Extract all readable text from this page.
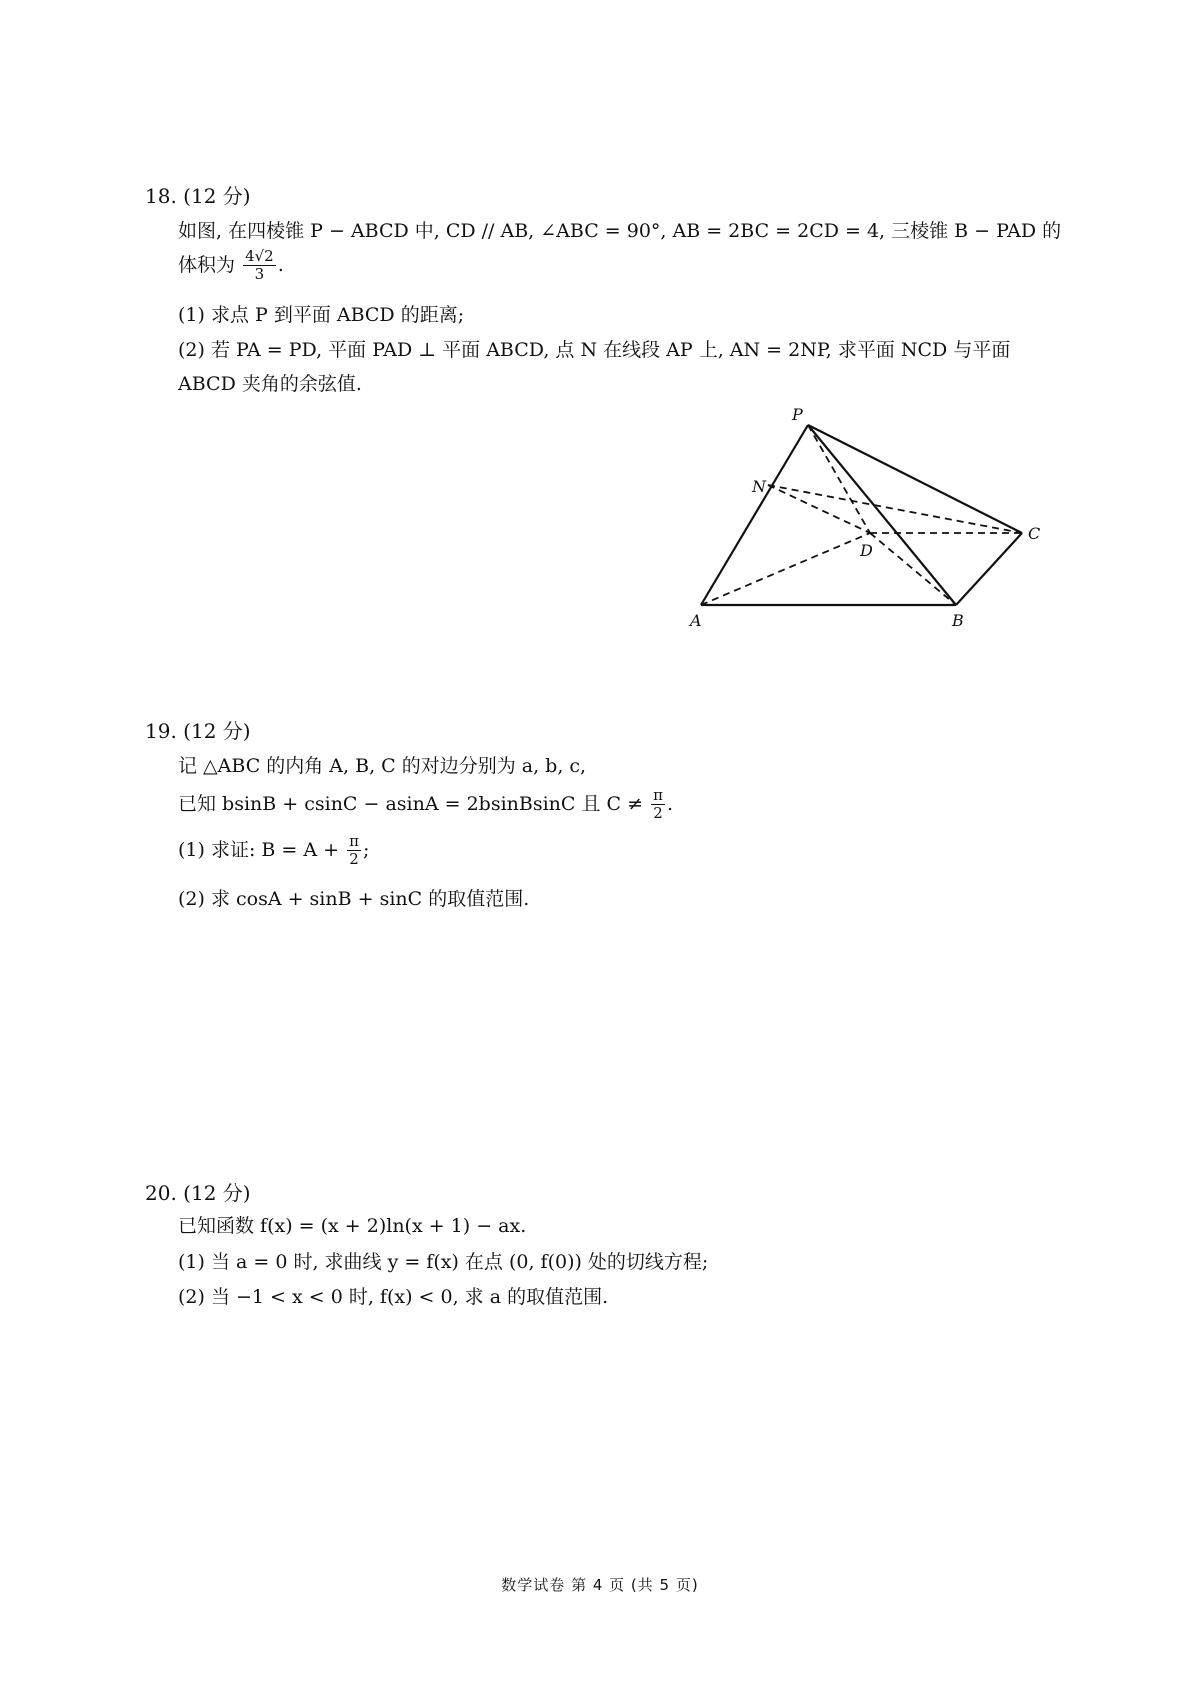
18. (12 分)
如图, 在四棱锥 P − ABCD 中, CD // AB, ∠ABC = 90°, AB = 2BC = 2CD = 4, 三棱锥 B − PAD 的
体积为 $\frac{4√2}{3}$ .
(1) 求点 P 到平面 ABCD 的距离;
(2) 若 PA = PD, 平面 PAD ⊥ 平面 ABCD, 点 N 在线段 AP 上, AN = 2NP, 求平面 NCD 与平面
ABCD 夹角的余弦值.
P
N
C
D
A	B
19. (12 分)
记 △ABC 的内角 A, B, C 的对边分别为 a, b, c,
已知 bsinB + csinC − asinA = 2bsinBsinC 且 $C \ne \frac{\pi}{2}$ .
(1) 求证: $B = A + \frac{\pi}{2}$ ;
(2) 求 cosA + sinB + sinC 的取值范围.
20. (12 分)
已知函数 f(x) = (x + 2)ln(x + 1) − ax.
(1) 当 a = 0 时, 求曲线 y = f(x) 在点 (0, f(0)) 处的切线方程;
(2) 当 −1 < x < 0 时, f(x) < 0, 求 a 的取值范围.
数学试卷 第 4 页 (共 5 页)
